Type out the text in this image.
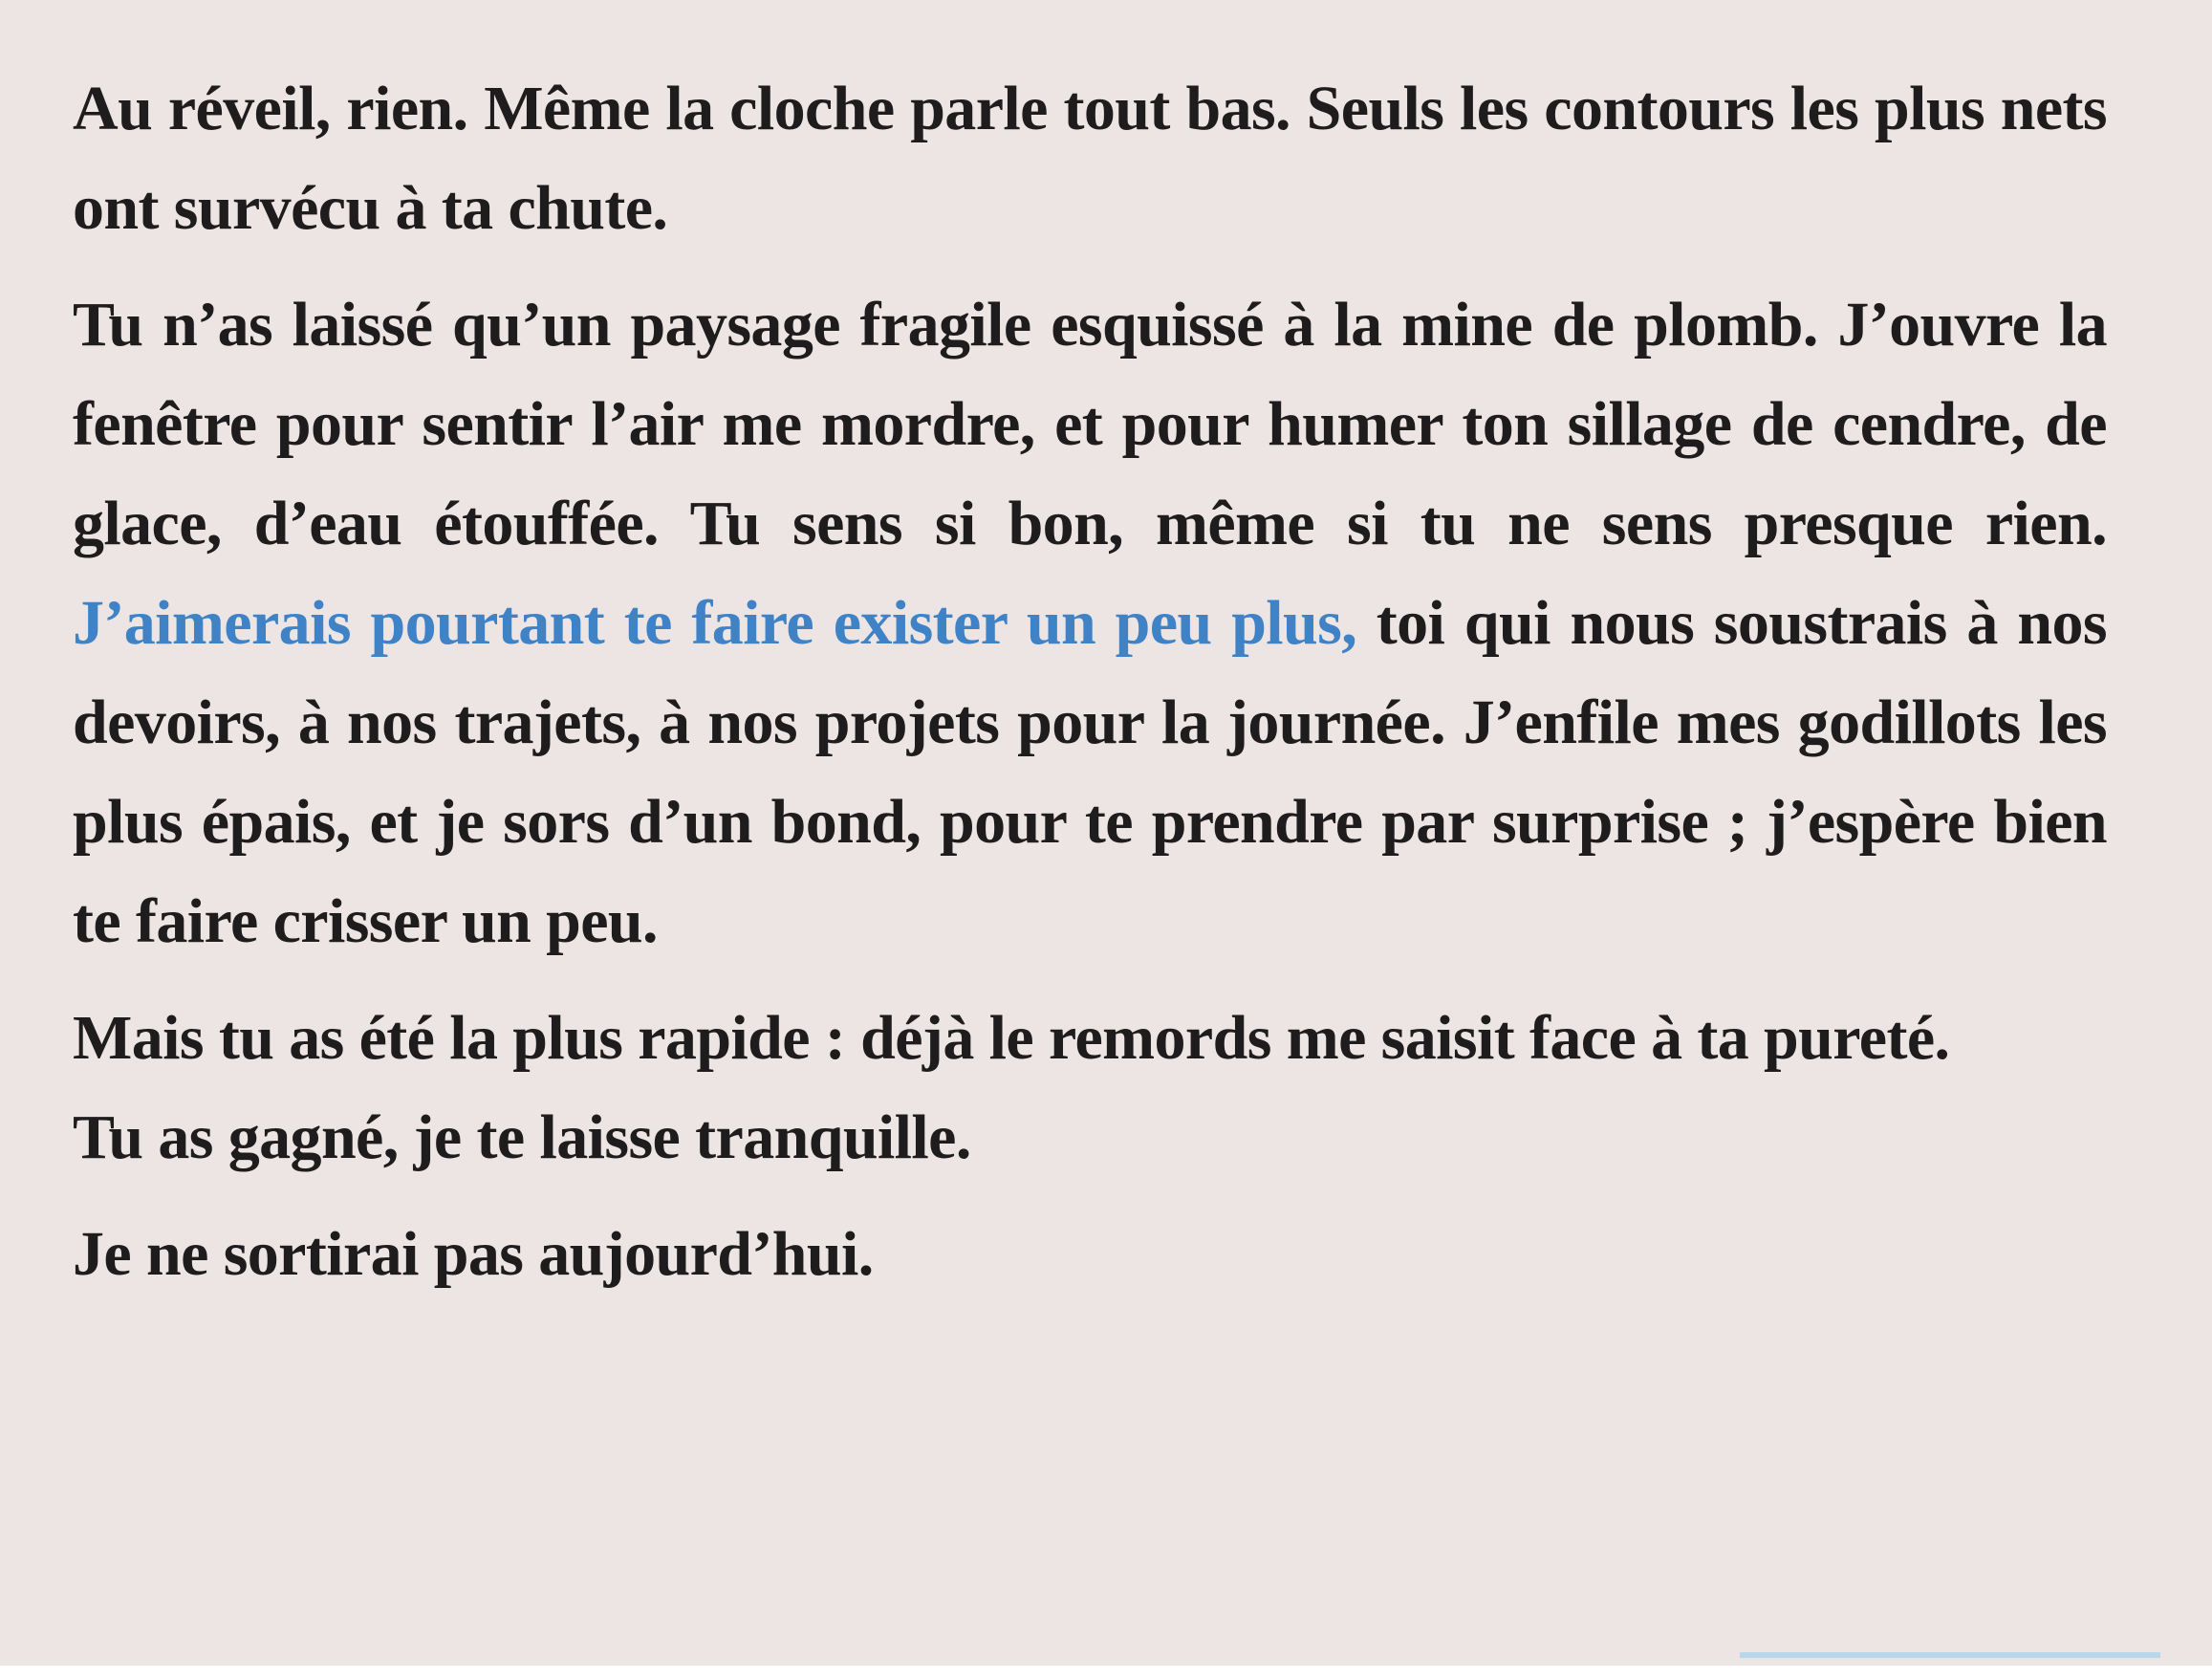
Au réveil, rien. Même la cloche parle tout bas. Seuls les contours les plus nets ont survécu à ta chute.

Tu n’as laissé qu’un paysage fragile esquissé à la mine de plomb. J’ouvre la fenêtre pour sentir l’air me mordre, et pour humer ton sillage de cendre, de glace, d’eau étouffée. Tu sens si bon, même si tu ne sens presque rien. J’aimerais pourtant te faire exister un peu plus, toi qui nous soustrais à nos devoirs, à nos trajets, à nos projets pour la journée. J’enfile mes godillots les plus épais, et je sors d’un bond, pour te prendre par surprise ; j’espère bien te faire crisser un peu.

Mais tu as été la plus rapide : déjà le remords me saisit face à ta pureté.

Tu as gagné, je te laisse tranquille.

Je ne sortirai pas aujourd’hui.
